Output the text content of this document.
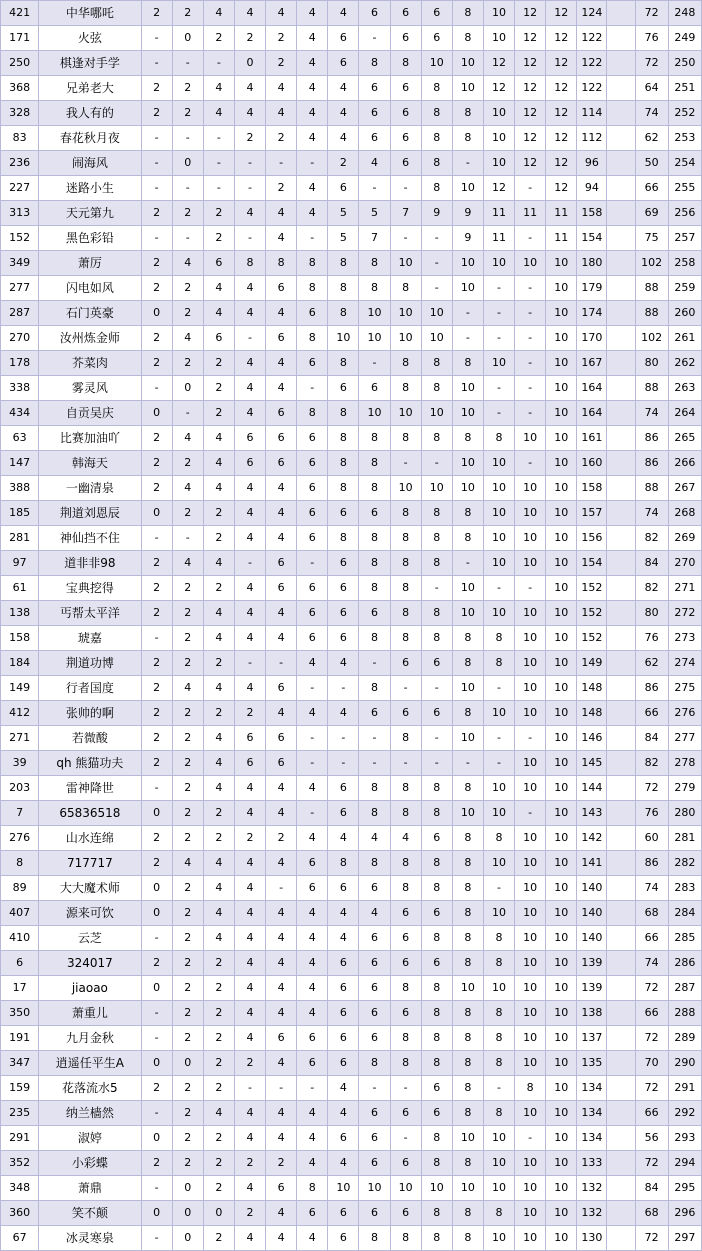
421	中华哪吒	2	2	4	4	4	4	4	6	6	6	8	10	12	12	124		72	248
171	火弦	-	0	2	2	2	4	6	-	6	6	8	10	12	12	122		76	249
250	棋逢对手学	-	-	-	0	2	4	6	8	8	10	10	12	12	12	122		72	250
368	兄弟老大	2	2	4	4	4	4	4	6	6	8	10	12	12	12	122		64	251
328	我人有的	2	2	4	4	4	4	4	6	6	8	8	10	12	12	114		74	252
83	春花秋月夜	-	-	-	2	2	4	4	6	6	8	8	10	12	12	112		62	253
236	闹海风	-	0	-	-	-	-	2	4	6	8	-	10	12	12	96		50	254
227	迷路小生	-	-	-	-	2	4	6	-	-	8	10	12	-	12	94		66	255
313	天元第九	2	2	2	4	4	4	5	5	7	9	9	11	11	11	158		69	256
152	黑色彩铅	-	-	2	-	4	-	5	7	-	-	9	11	-	11	154		75	257
349	萧厉	2	4	6	8	8	8	8	8	10	-	10	10	10	10	180		102	258
277	闪电如风	2	2	4	4	6	8	8	8	8	-	10	-	-	10	179		88	259
287	石门英豪	0	2	4	4	4	6	8	10	10	10	-	-	-	10	174		88	260
270	汝州炼金师	2	4	6	-	6	8	10	10	10	10	-	-	-	10	170		102	261
178	芥菜肉	2	2	2	4	4	6	8	-	8	8	8	10	-	10	167		80	262
338	雾灵风	-	0	2	4	4	-	6	6	8	8	10	-	-	10	164		88	263
434	自贡吴庆	0	-	2	4	6	8	8	10	10	10	10	-	-	10	164		74	264
63	比赛加油吖	2	4	4	6	6	6	8	8	8	8	8	8	10	10	161		86	265
147	韩海天	2	2	4	6	6	6	8	8	-	-	10	10	-	10	160		86	266
388	一幽清泉	2	4	4	4	4	6	8	8	10	10	10	10	10	10	158		88	267
185	荆道刘恩辰	0	2	2	4	4	6	6	6	8	8	8	10	10	10	157		74	268
281	神仙挡不住	-	-	2	4	4	6	8	8	8	8	8	10	10	10	156		82	269
97	道非非98	2	4	4	-	6	-	6	8	8	8	-	10	10	10	154		84	270
61	宝典挖得	2	2	2	4	6	6	6	8	8	-	10	-	-	10	152		82	271
138	丐帮太平洋	2	2	4	4	4	6	6	6	8	8	10	10	10	10	152		80	272
158	琥嘉	-	2	4	4	4	6	6	8	8	8	8	8	10	10	152		76	273
184	荆道功博	2	2	2	-	-	4	4	-	6	6	8	8	10	10	149		62	274
149	行者国度	2	4	4	4	6	-	-	8	-	-	10	-	10	10	148		86	275
412	张帅的啊	2	2	2	2	4	4	4	6	6	6	8	10	10	10	148		66	276
271	若微酸	2	2	4	6	6	-	-	-	8	-	10	-	-	10	146		84	277
39	qh 熊猫功夫	2	2	4	6	6	-	-	-	-	-	-	-	10	10	145		82	278
203	雷神降世	-	2	4	4	4	4	6	8	8	8	8	10	10	10	144		72	279
7	65836518	0	2	2	4	4	-	6	8	8	8	10	10	-	10	143		76	280
276	山水连绵	2	2	2	2	2	4	4	4	4	6	8	8	10	10	142		60	281
8	717717	2	4	4	4	4	6	8	8	8	8	8	10	10	10	141		86	282
89	大大魔术师	0	2	4	4	-	6	6	6	8	8	8	-	10	10	140		74	283
407	源来可饮	0	2	4	4	4	4	4	4	6	6	8	10	10	10	140		68	284
410	云芝	-	2	4	4	4	4	4	6	6	8	8	8	10	10	140		66	285
6	324017	2	2	2	4	4	4	6	6	6	6	8	8	10	10	139		74	286
17	jiaoao	0	2	2	4	4	4	6	6	8	8	10	10	10	10	139		72	287
350	萧重儿	-	2	2	4	4	4	6	6	6	8	8	8	10	10	138		66	288
191	九月金秋	-	2	2	4	6	6	6	6	8	8	8	8	10	10	137		72	289
347	逍遥任平生A	0	0	2	2	4	6	6	8	8	8	8	8	10	10	135		70	290
159	花落流水5	2	2	2	-	-	-	4	-	-	6	8	-	8	10	134		72	291
235	纳兰樯然	-	2	4	4	4	4	4	6	6	6	8	8	10	10	134		66	292
291	淑婷	0	2	2	4	4	4	6	6	-	8	10	10	-	10	134		56	293
352	小彩蝶	2	2	2	2	2	4	4	6	6	8	8	10	10	10	133		72	294
348	萧鼎	-	0	2	4	6	8	10	10	10	10	10	10	10	10	132		84	295
360	笑不颠	0	0	0	2	4	6	6	6	6	8	8	8	10	10	132		68	296
67	冰灵寒泉	-	0	2	4	4	4	6	8	8	8	8	10	10	10	130		72	297
